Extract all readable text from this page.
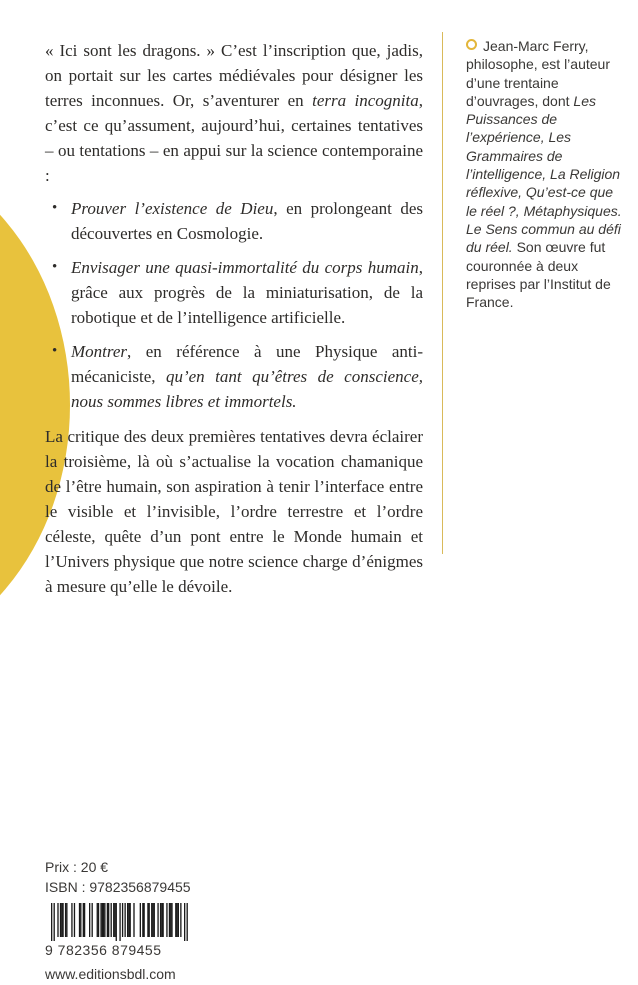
« Ici sont les dragons. » C’est l’inscription que, jadis, on portait sur les cartes médiévales pour désigner les terres inconnues. Or, s’aventurer en terra incognita, c’est ce qu’assument, aujourd’hui, certaines tentatives – ou tentations – en appui sur la science contemporaine :

• Prouver l’existence de Dieu, en prolongeant des découvertes en Cosmologie.
• Envisager une quasi-immortalité du corps humain, grâce aux progrès de la miniaturisation, de la robotique et de l’intelligence artificielle.
• Montrer, en référence à une Physique anti-mécaniciste, qu’en tant qu’êtres de conscience, nous sommes libres et immortels.

La critique des deux premières tentatives devra éclairer la troisième, là où s’actualise la vocation chamanique de l’être humain, son aspiration à tenir l’interface entre le visible et l’invisible, l’ordre terrestre et l’ordre céleste, quête d’un pont entre le Monde humain et l’Univers physique que notre science charge d’énigmes à mesure qu’elle le dévoile.

Jean-Marc Ferry, philosophe, est l’auteur d’une trentaine d’ouvrages, dont Les Puissances de l’expérience, Les Grammaires de l’intelligence, La Religion réflexive, Qu’est-ce que le réel ?, Métaphysiques. Le Sens commun au défi du réel. Son œuvre fut couronnée à deux reprises par l’Institut de France.

Prix : 20 €
ISBN : 9782356879455
9 782356 879455
www.editionsbdl.com
